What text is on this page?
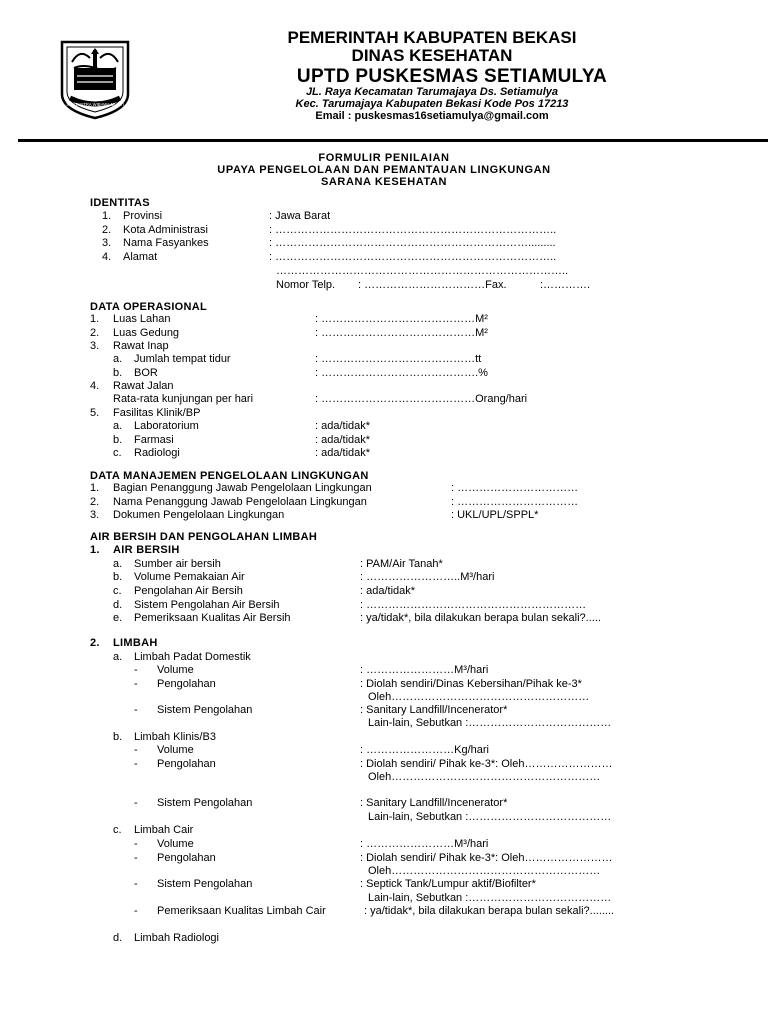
SWATANTRA WIBAWA MUKTI
PEMERINTAH KABUPATEN BEKASI
DINAS KESEHATAN
UPTD PUSKESMAS SETIAMULYA
JL. Raya Kecamatan Tarumajaya Ds. Setiamulya
Kec. Tarumajaya Kabupaten Bekasi Kode Pos 17213
Email : puskesmas16setiamulya@gmail.com
FORMULIR PENILAIAN
UPAYA PENGELOLAAN DAN PEMANTAUAN LINGKUNGAN
SARANA KESEHATAN
IDENTITAS
1. Provinsi	: Jawa Barat
2. Kota Administrasi	: …………………………………………………………………..
3. Nama Fasyankes	: …………………………………………………………….........
4. Alamat	: …………………………………………………………………..
……………………………………………………………………..
Nomor Telp. : ……………………………Fax.	:………….
DATA OPERASIONAL
1. Luas Lahan	: ……………………………………M²
2. Luas Gedung	: ……………………………………M²
3. Rawat Inap
a. Jumlah tempat tidur	: ……………………………………tt
b. BOR	: …………………………………….%
4. Rawat Jalan
Rata-rata kunjungan per hari	: ……………………………………Orang/hari
5. Fasilitas Klinik/BP
a. Laboratorium	: ada/tidak*
b. Farmasi	: ada/tidak*
c. Radiologi	: ada/tidak*
DATA MANAJEMEN PENGELOLAAN LINGKUNGAN
1. Bagian Penanggung Jawab Pengelolaan Lingkungan	: ……………………………
2. Nama Penanggung Jawab Pengelolaan Lingkungan	: ……………………………
3. Dokumen Pengelolaan Lingkungan	: UKL/UPL/SPPL*
AIR BERSIH DAN PENGOLAHAN LIMBAH
1. AIR BERSIH
a. Sumber air bersih	: PAM/Air Tanah*
b. Volume Pemakaian Air	: ……………………..M³/hari
c. Pengolahan Air Bersih	: ada/tidak*
d. Sistem Pengolahan Air Bersih	: ……………………………………………………
e. Pemeriksaan Kualitas Air Bersih	: ya/tidak*, bila dilakukan berapa bulan sekali?.....
2. LIMBAH
a. Limbah Padat Domestik
- Volume	: ……………………M³/hari
- Pengolahan	: Diolah sendiri/Dinas Kebersihan/Pihak ke-3*
Oleh………………………………………………
- Sistem Pengolahan	: Sanitary Landfill/Incenerator*
Lain-lain, Sebutkan :…………………………………
b. Limbah Klinis/B3
- Volume	: ……………………Kg/hari
- Pengolahan	: Diolah sendiri/ Pihak ke-3*: Oleh……………………
Oleh…………………………………………………
- Sistem Pengolahan	: Sanitary Landfill/Incenerator*
Lain-lain, Sebutkan :…………………………………
c. Limbah Cair
- Volume	: ……………………M³/hari
- Pengolahan	: Diolah sendiri/ Pihak ke-3*: Oleh……………………
Oleh…………………………………………………
- Sistem Pengolahan	: Septick Tank/Lumpur aktif/Biofilter*
Lain-lain, Sebutkan :…………………………………
- Pemeriksaan Kualitas Limbah Cair	: ya/tidak*, bila dilakukan berapa bulan sekali?........
d. Limbah Radiologi
